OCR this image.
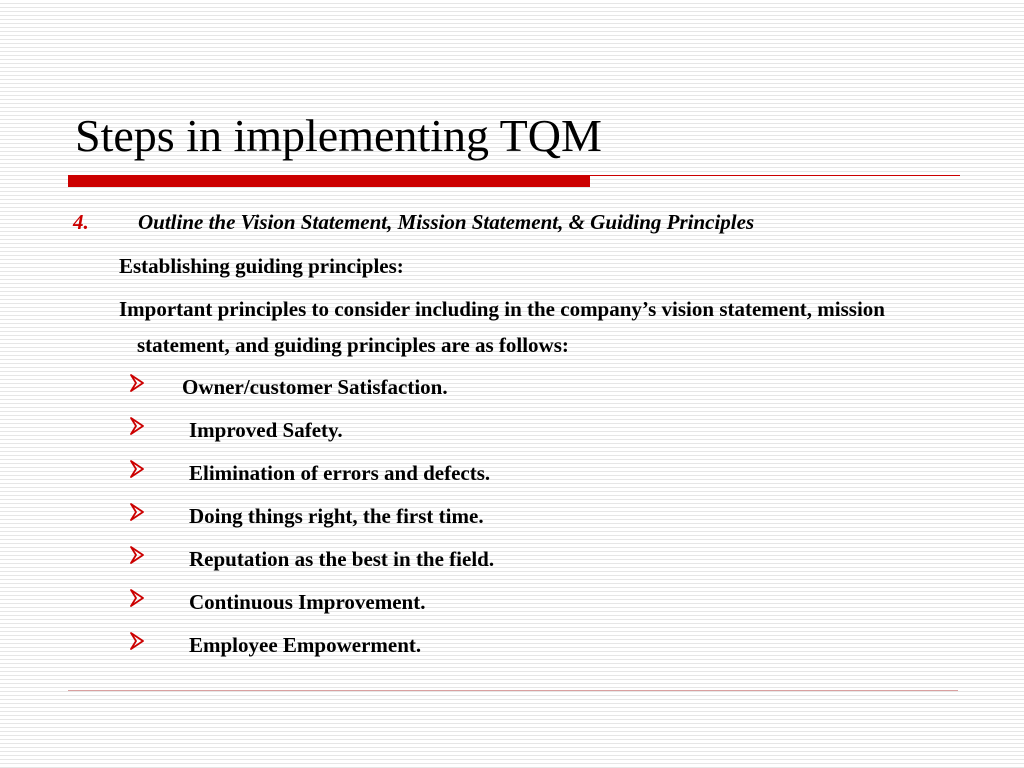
Steps in implementing TQM
4. Outline the Vision Statement, Mission Statement, & Guiding Principles
Establishing guiding principles:
Important principles to consider including in the company’s vision statement, mission statement, and guiding principles are as follows:
Owner/customer Satisfaction.
Improved Safety.
Elimination of errors and defects.
Doing things right, the first time.
Reputation as the best in the field.
Continuous Improvement.
Employee Empowerment.
